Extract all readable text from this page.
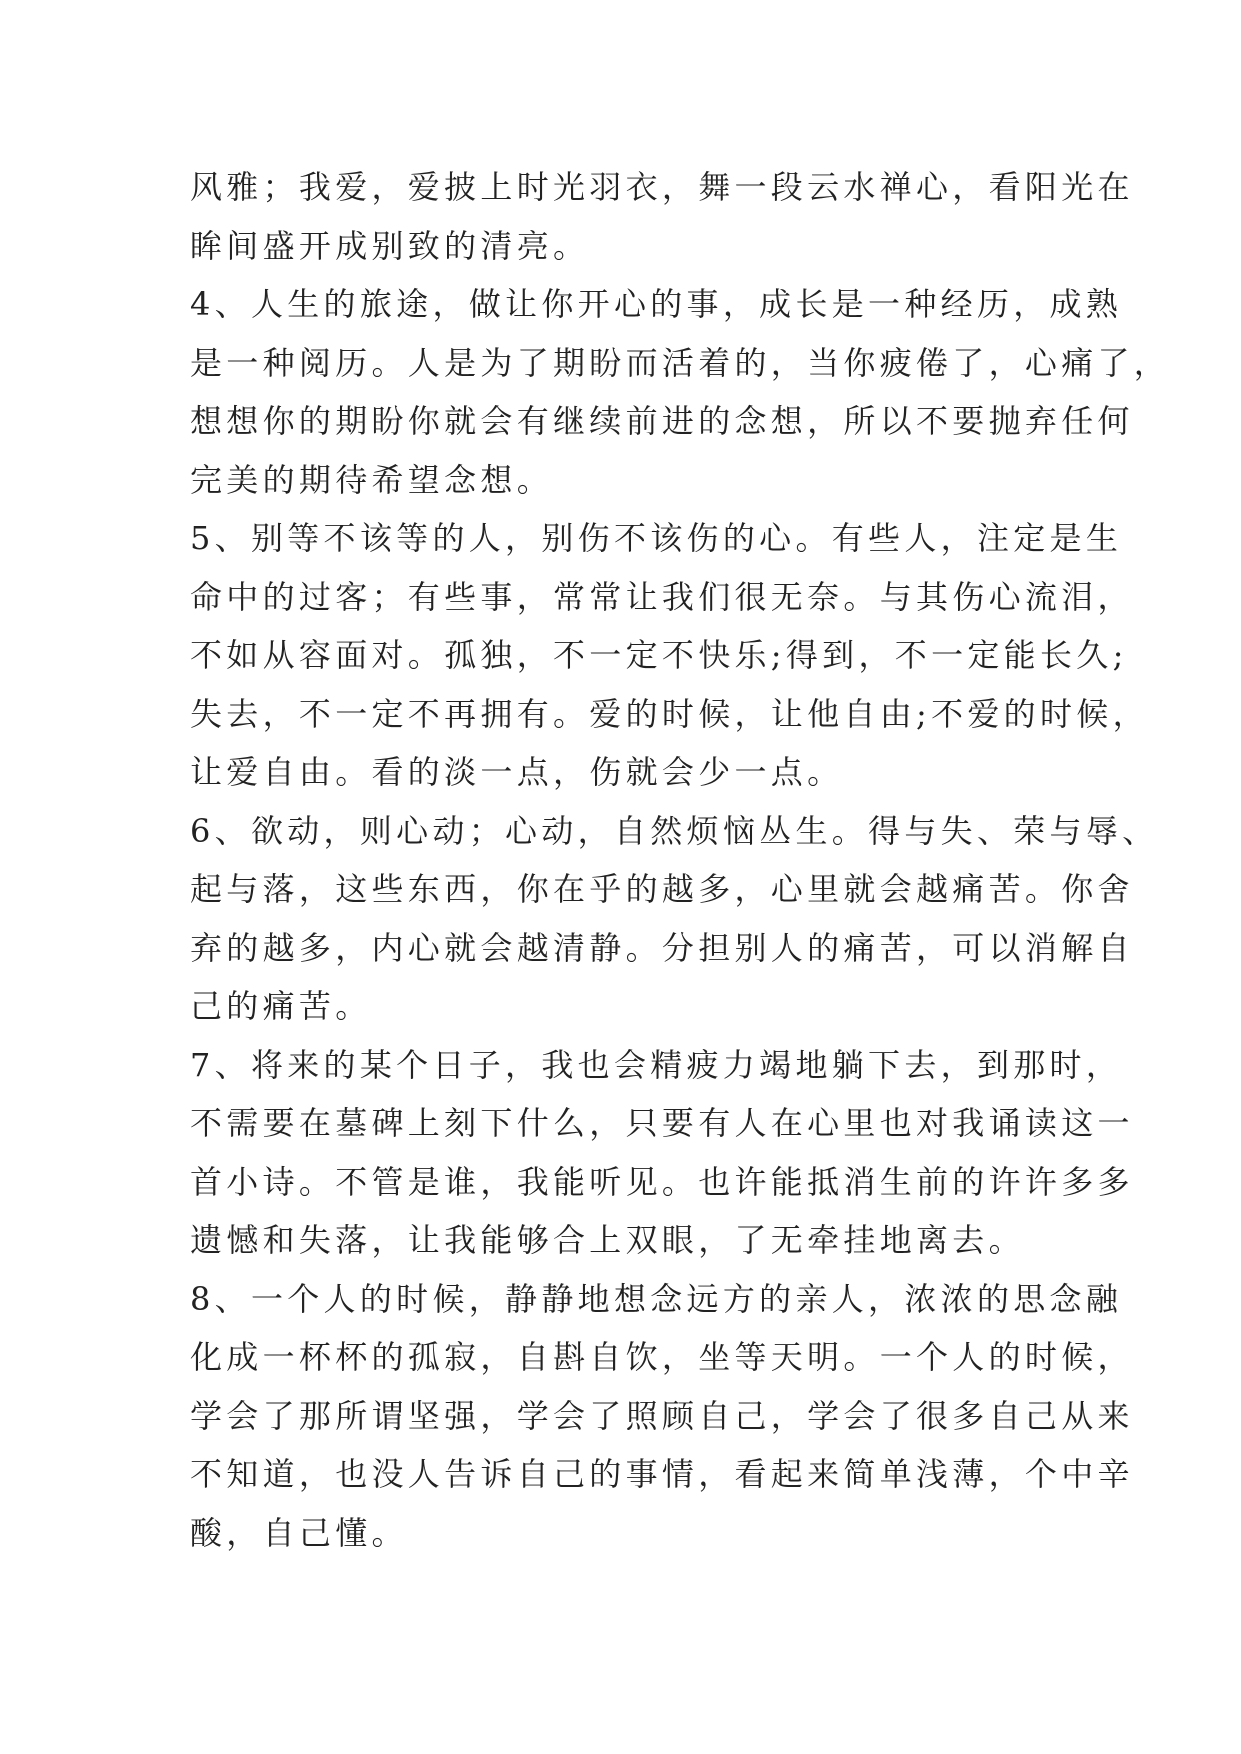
风雅；我爱，爱披上时光羽衣，舞一段云水禅心，看阳光在
眸间盛开成别致的清亮。
4、人生的旅途，做让你开心的事，成长是一种经历，成熟
是一种阅历。人是为了期盼而活着的，当你疲倦了，心痛了，
想想你的期盼你就会有继续前进的念想，所以不要抛弃任何
完美的期待希望念想。
5、别等不该等的人，别伤不该伤的心。有些人，注定是生
命中的过客；有些事，常常让我们很无奈。与其伤心流泪，
不如从容面对。孤独，不一定不快乐;得到，不一定能长久;
失去，不一定不再拥有。爱的时候，让他自由;不爱的时候，
让爱自由。看的淡一点，伤就会少一点。
6、欲动，则心动；心动，自然烦恼丛生。得与失、荣与辱、
起与落，这些东西，你在乎的越多，心里就会越痛苦。你舍
弃的越多，内心就会越清静。分担别人的痛苦，可以消解自
己的痛苦。
7、将来的某个日子，我也会精疲力竭地躺下去，到那时，
不需要在墓碑上刻下什么，只要有人在心里也对我诵读这一
首小诗。不管是谁，我能听见。也许能抵消生前的许许多多
遗憾和失落，让我能够合上双眼，了无牵挂地离去。
8、一个人的时候，静静地想念远方的亲人，浓浓的思念融
化成一杯杯的孤寂，自斟自饮，坐等天明。一个人的时候，
学会了那所谓坚强，学会了照顾自己，学会了很多自己从来
不知道，也没人告诉自己的事情，看起来简单浅薄，个中辛
酸，自己懂。
